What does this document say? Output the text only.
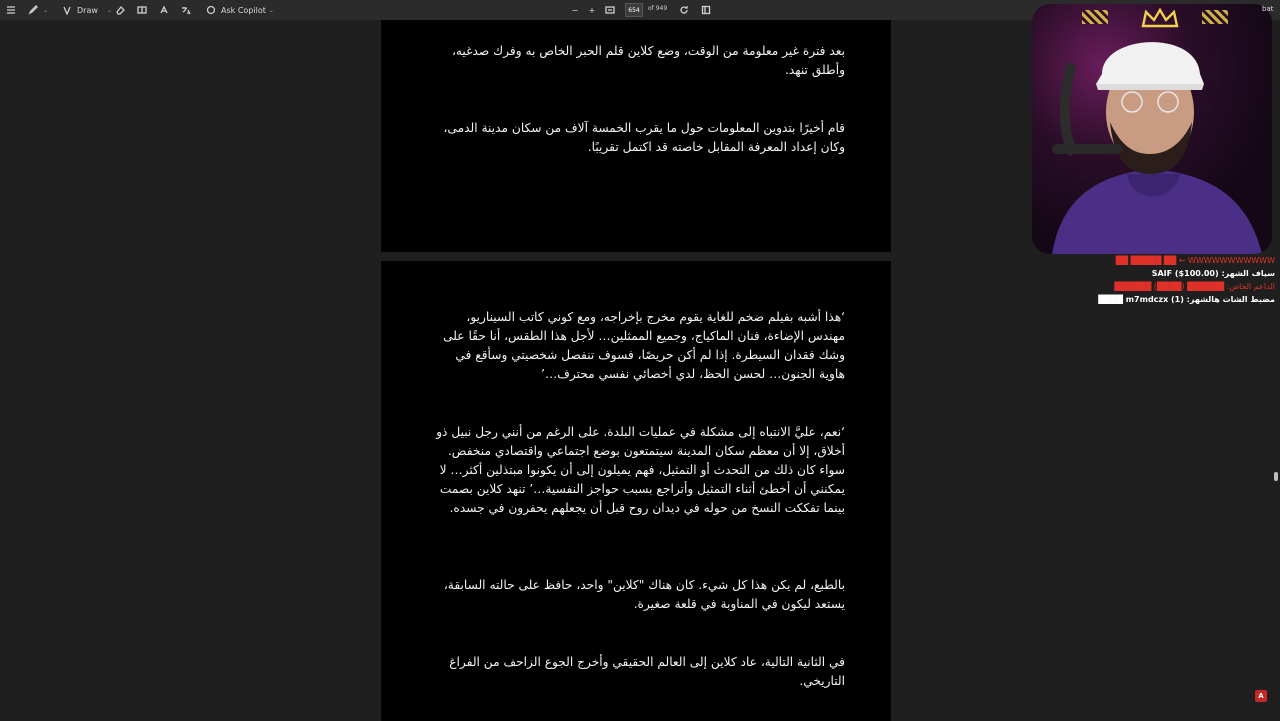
⌄	Draw ⌄	Ask Copilot ⌄	−	+	654	of 949

بعد فترة غير معلومة من الوقت، وضع كلاين قلم الحبر الخاص به وفرك صدغيه، وأطلق تنهد.

قام أخيرًا بتدوين المعلومات حول ما يقرب الخمسة آلاف من سكان مدينة الدمى، وكان إعداد المعرفة المقابل خاصته قد اكتمل تقريبًا.

‘هذا أشبه بفيلم ضخم للغاية يقوم مخرج بإخراجه، ومع كوني كاتب السيناريو، مهندس الإضاءة، فنان الماكياج، وجميع الممثلين… لأجل هذا الطقس، أنا حقًا على وشك فقدان السيطرة. إذا لم أكن حريصًا، فسوف تنفصل شخصيتي وسأقع في هاوية الجنون… لحسن الحظ، لدي أخصائي نفسي محترف…’

‘نعم، عليَّ الانتباه إلى مشكلة في عمليات البلدة. على الرغم من أنني رجل نبيل ذو أخلاق، إلا أن معظم سكان المدينة سيتمتعون بوضع اجتماعي واقتصادي منخفض. سواء كان ذلك من التحدث أو التمثيل، فهم يميلون إلى أن يكونوا مبتذلين أكثر… لا يمكنني أن أخطئ أثناء التمثيل وأتراجع بسبب حواجز النفسية…’ تنهد كلاين بصمت بينما تفككت النسخ من حوله في ديدان روح قبل أن يجعلهم يحفرون في جسده.

بالطبع، لم يكن هذا كل شيء. كان هناك "كلاين" واحد، حافظ على حالته السابقة، يستعد ليكون في المناوبة في قلعة صغيرة.

في الثانية التالية، عاد كلاين إلى العالم الحقيقي وأخرج الجوع الزاحف من الفراغ التاريخي.

A
bat
WWWWWWWWWWW ← ██ █████ ██
سياف الشهر: SAIF ($100.00)
الداعم الخاص: ██████ (████) ██████
مضبط الشات هالشهر: m7mdczx (1) ████
